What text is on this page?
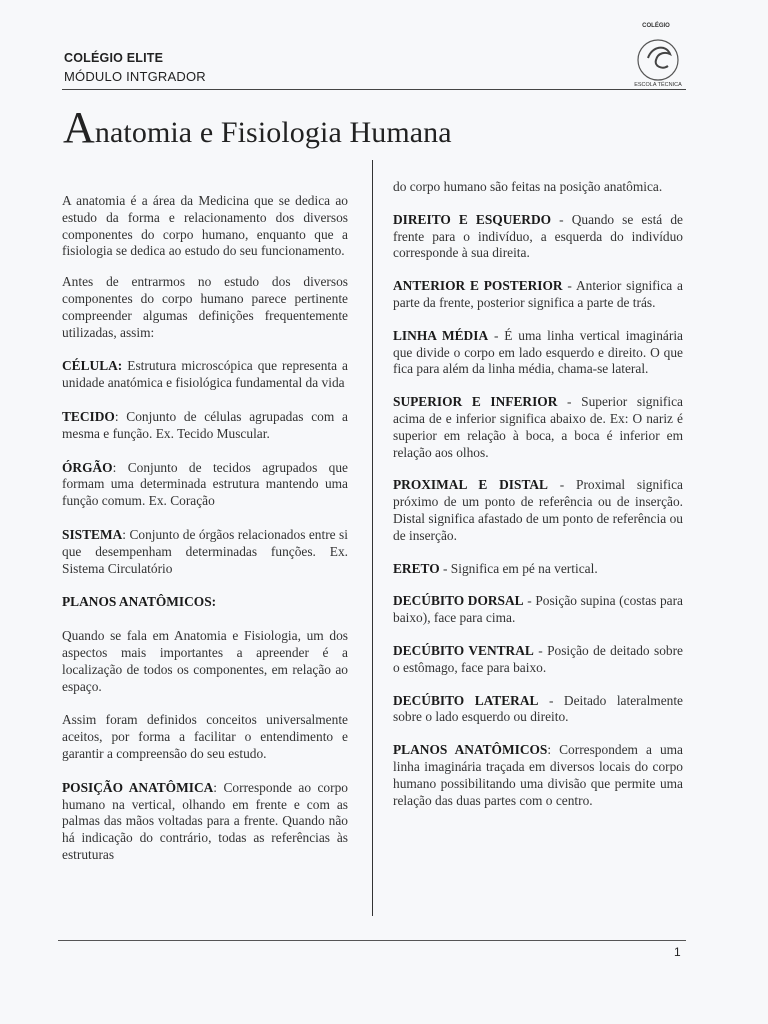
COLÉGIO ELITE
MÓDULO INTGRADOR
COLÉGIO
ESCOLA TÉCNICA
Anatomia e Fisiologia Humana

A anatomia é a área da Medicina que se dedica ao estudo da forma e relacionamento dos diversos componentes do corpo humano, enquanto que a fisiologia se dedica ao estudo do seu funcionamento.

Antes de entrarmos no estudo dos diversos componentes do corpo humano parece pertinente compreender algumas definições frequentemente utilizadas, assim:

CÉLULA: Estrutura microscópica que representa a unidade anatómica e fisiológica fundamental da vida

TECIDO: Conjunto de células agrupadas com a mesma e função. Ex. Tecido Muscular.

ÓRGÃO: Conjunto de tecidos agrupados que formam uma determinada estrutura mantendo uma função comum. Ex. Coração

SISTEMA: Conjunto de órgãos relacionados entre si que desempenham determinadas funções. Ex. Sistema Circulatório

PLANOS ANATÔMICOS:

Quando se fala em Anatomia e Fisiologia, um dos aspectos mais importantes a apreender é a localização de todos os componentes, em relação ao espaço.

Assim foram definidos conceitos universalmente aceitos, por forma a facilitar o entendimento e garantir a compreensão do seu estudo.

POSIÇÃO ANATÔMICA: Corresponde ao corpo humano na vertical, olhando em frente e com as palmas das mãos voltadas para a frente. Quando não há indicação do contrário, todas as referências às estruturas

do corpo humano são feitas na posição anatômica.

DIREITO E ESQUERDO - Quando se está de frente para o indivíduo, a esquerda do indivíduo corresponde à sua direita.

ANTERIOR E POSTERIOR - Anterior significa a parte da frente, posterior significa a parte de trás.

LINHA MÉDIA - É uma linha vertical imaginária que divide o corpo em lado esquerdo e direito. O que fica para além da linha média, chama-se lateral.

SUPERIOR E INFERIOR - Superior significa acima de e inferior significa abaixo de. Ex: O nariz é superior em relação à boca, a boca é inferior em relação aos olhos.

PROXIMAL E DISTAL - Proximal significa próximo de um ponto de referência ou de inserção. Distal significa afastado de um ponto de referência ou de inserção.

ERETO - Significa em pé na vertical.

DECÚBITO DORSAL - Posição supina (costas para baixo), face para cima.

DECÚBITO VENTRAL - Posição de deitado sobre o estômago, face para baixo.

DECÚBITO LATERAL - Deitado lateralmente sobre o lado esquerdo ou direito.

PLANOS ANATÔMICOS: Correspondem a uma linha imaginária traçada em diversos locais do corpo humano possibilitando uma divisão que permite uma relação das duas partes com o centro.

1
